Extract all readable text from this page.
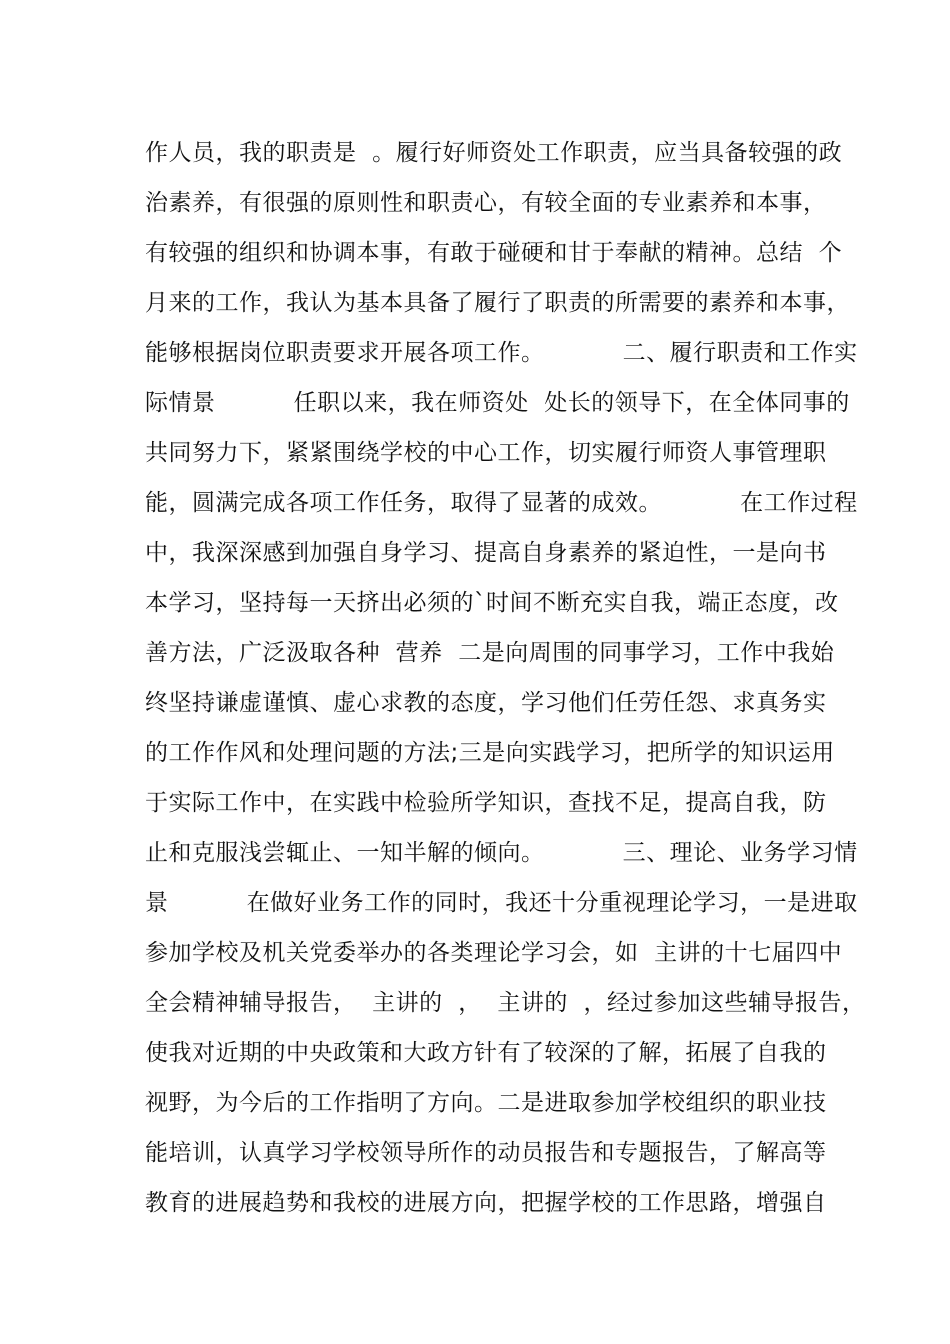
作人员，我的职责是  。履行好师资处工作职责，应当具备较强的政
治素养，有很强的原则性和职责心，有较全面的专业素养和本事，
有较强的组织和协调本事，有敢于碰硬和甘于奉献的精神。总结  个
月来的工作，我认为基本具备了履行了职责的所需要的素养和本事，
能够根据岗位职责要求开展各项工作。          二、履行职责和工作实
际情景          任职以来，我在师资处  处长的领导下，在全体同事的
共同努力下，紧紧围绕学校的中心工作，切实履行师资人事管理职
能，圆满完成各项工作任务，取得了显著的成效。          在工作过程
中，我深深感到加强自身学习、提高自身素养的紧迫性，一是向书
本学习，坚持每一天挤出必须的`时间不断充实自我，端正态度，改
善方法，广泛汲取各种  营养  二是向周围的同事学习，工作中我始
终坚持谦虚谨慎、虚心求教的态度，学习他们任劳任怨、求真务实
的工作作风和处理问题的方法;三是向实践学习，把所学的知识运用
于实际工作中，在实践中检验所学知识，查找不足，提高自我，防
止和克服浅尝辄止、一知半解的倾向。          三、理论、业务学习情
景          在做好业务工作的同时，我还十分重视理论学习，一是进取
参加学校及机关党委举办的各类理论学习会，如  主讲的十七届四中
全会精神辅导报告，  主讲的  ，  主讲的  ，经过参加这些辅导报告，
使我对近期的中央政策和大政方针有了较深的了解，拓展了自我的
视野，为今后的工作指明了方向。二是进取参加学校组织的职业技
能培训，认真学习学校领导所作的动员报告和专题报告，了解高等
教育的进展趋势和我校的进展方向，把握学校的工作思路，增强自
